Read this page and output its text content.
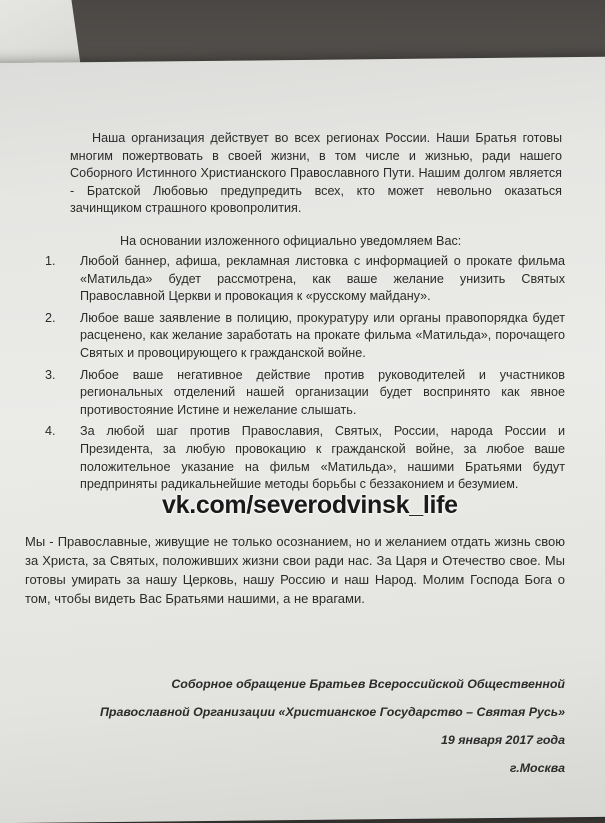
Наша организация действует во всех регионах России. Наши Братья готовы многим пожертвовать в своей жизни, в том числе и жизнью, ради нашего Соборного Истинного Христианского Православного Пути. Нашим долгом является - Братской Любовью предупредить всех, кто может невольно оказаться зачинщиком страшного кровопролития.

На основании изложенного официально уведомляем Вас:
1. Любой баннер, афиша, рекламная листовка с информацией о прокате фильма «Матильда» будет рассмотрена, как ваше желание унизить Святых Православной Церкви и провокация к «русскому майдану».
2. Любое ваше заявление в полицию, прокуратуру или органы правопорядка будет расценено, как желание заработать на прокате фильма «Матильда», порочащего Святых и провоцирующего к гражданской войне.
3. Любое ваше негативное действие против руководителей и участников региональных отделений нашей организации будет воспринято как явное противостояние Истине и нежелание слышать.
4. За любой шаг против Православия, Святых, России, народа России и Президента, за любую провокацию к гражданской войне, за любое ваше положительное указание на фильм «Матильда», нашими Братьями будут предприняты радикальнейшие методы борьбы с беззаконием и безумием.
vk.com/severodvinsk_life
Мы - Православные, живущие не только осознанием, но и желанием отдать жизнь свою за Христа, за Святых, положивших жизни свои ради нас. За Царя и Отечество свое. Мы готовы умирать за нашу Церковь, нашу Россию и наш Народ. Молим Господа Бога о том, чтобы видеть Вас Братьями нашими, а не врагами.
Соборное обращение Братьев Всероссийской Общественной
Православной Организации «Христианское Государство – Святая Русь»
19 января 2017 года
г.Москва
